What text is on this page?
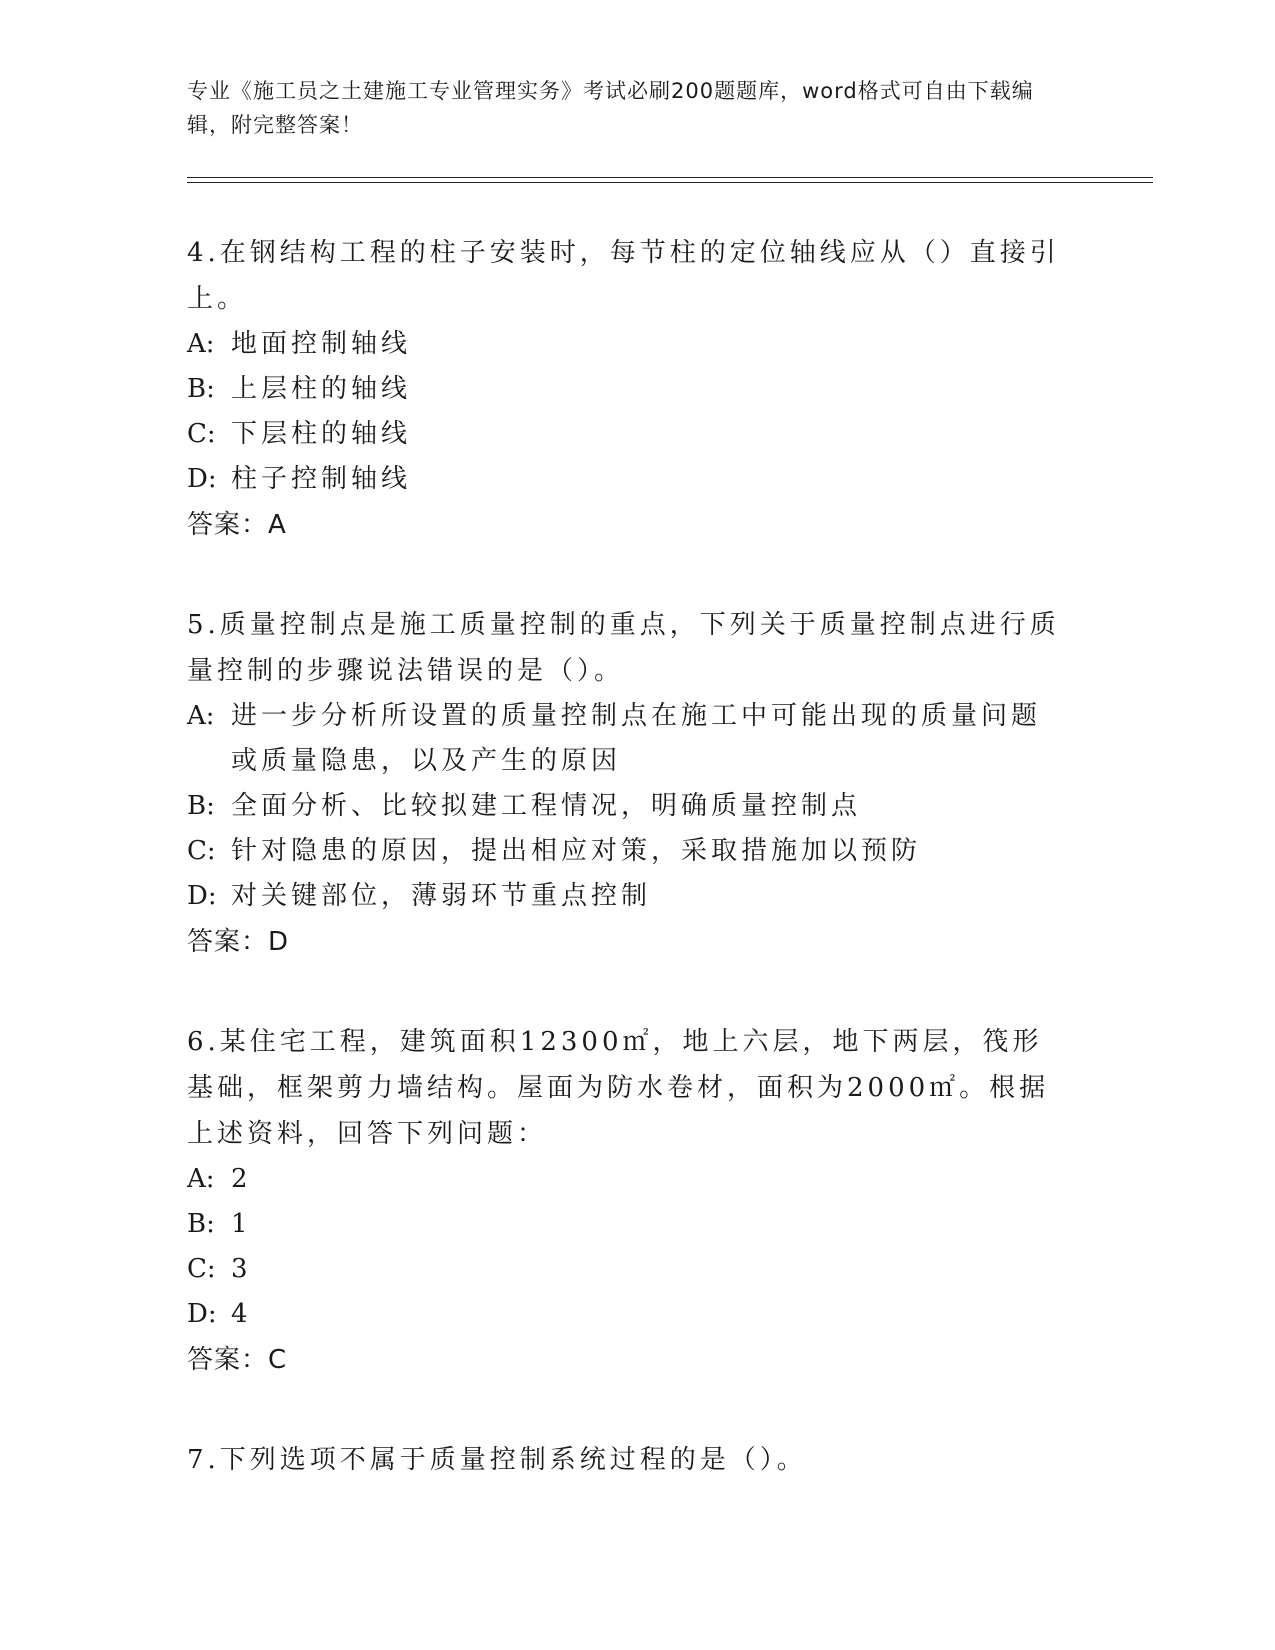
专业《施工员之土建施工专业管理实务》考试必刷200题题库，word格式可自由下载编辑，附完整答案！
4.在钢结构工程的柱子安装时，每节柱的定位轴线应从（）直接引上。
A: 地面控制轴线
B: 上层柱的轴线
C: 下层柱的轴线
D: 柱子控制轴线
答案：A
5.质量控制点是施工质量控制的重点，下列关于质量控制点进行质量控制的步骤说法错误的是（）。
A: 进一步分析所设置的质量控制点在施工中可能出现的质量问题或质量隐患，以及产生的原因
B: 全面分析、比较拟建工程情况，明确质量控制点
C: 针对隐患的原因，提出相应对策，采取措施加以预防
D: 对关键部位，薄弱环节重点控制
答案：D
6.某住宅工程，建筑面积12300㎡，地上六层，地下两层，筏形基础，框架剪力墙结构。屋面为防水卷材，面积为2000㎡。根据上述资料，回答下列问题：
A: 2
B: 1
C: 3
D: 4
答案：C
7.下列选项不属于质量控制系统过程的是（）。
